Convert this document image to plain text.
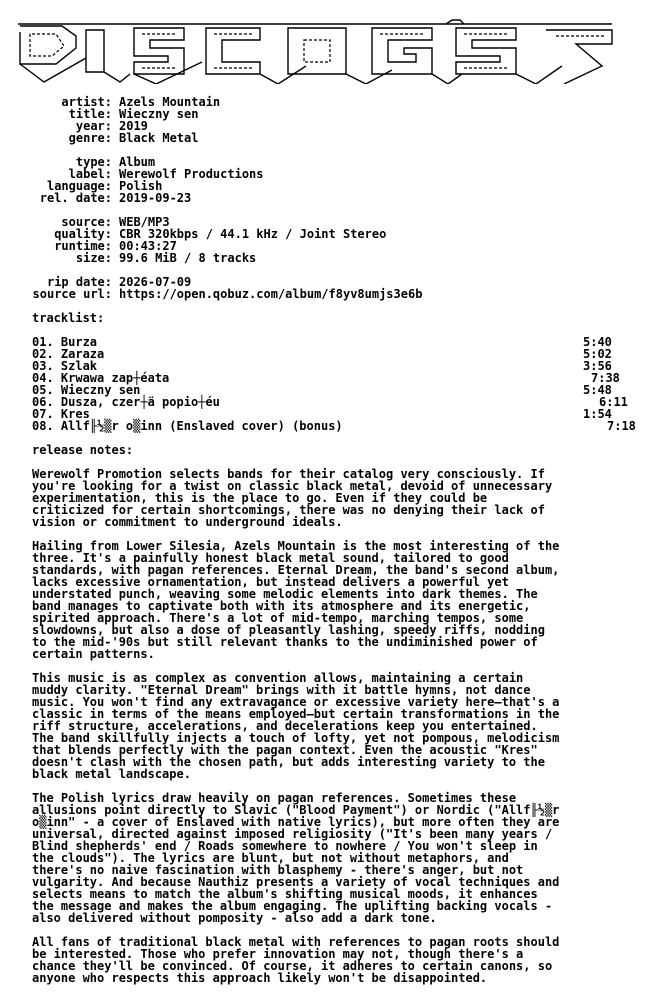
artist: Azels Mountain
title: Wieczny sen
year: 2019
genre: Black Metal
type: Album
label: Werewolf Productions
language: Polish
rel. date: 2019-09-23
source: WEB/MP3
quality: CBR 320kbps / 44.1 kHz / Joint Stereo
runtime: 00:43:27
size: 99.6 MiB / 8 tracks
rip date: 2026-07-09
source url: https://open.qobuz.com/album/f8yv8umjs3e6b
tracklist:
01. Burza	5:40
02. Zaraza	5:02
03. Szlak	3:56
04. Krwawa zap┼éata	7:38
05. Wieczny sen	5:48
06. Dusza, czer┼ä popio┼éu	6:11
07. Kres	1:54
08. Allf╟½▒r o▒inn (Enslaved cover) (bonus)	7:18
release notes:
Werewolf Promotion selects bands for their catalog very consciously. If
you're looking for a twist on classic black metal, devoid of unnecessary
experimentation, this is the place to go. Even if they could be
criticized for certain shortcomings, there was no denying their lack of
vision or commitment to underground ideals.
Hailing from Lower Silesia, Azels Mountain is the most interesting of the
three. It's a painfully honest black metal sound, tailored to good
standards, with pagan references. Eternal Dream, the band's second album,
lacks excessive ornamentation, but instead delivers a powerful yet
understated punch, weaving some melodic elements into dark themes. The
band manages to captivate both with its atmosphere and its energetic,
spirited approach. There's a lot of mid-tempo, marching tempos, some
slowdowns, but also a dose of pleasantly lashing, speedy riffs, nodding
to the mid-'90s but still relevant thanks to the undiminished power of
certain patterns.
This music is as complex as convention allows, maintaining a certain
muddy clarity. "Eternal Dream" brings with it battle hymns, not dance
music. You won't find any extravagance or excessive variety here—that's a
classic in terms of the means employed—but certain transformations in the
riff structure, accelerations, and decelerations keep you entertained.
The band skillfully injects a touch of lofty, yet not pompous, melodicism
that blends perfectly with the pagan context. Even the acoustic "Kres"
doesn't clash with the chosen path, but adds interesting variety to the
black metal landscape.
The Polish lyrics draw heavily on pagan references. Sometimes these
allusions point directly to Slavic ("Blood Payment") or Nordic ("Allf╟½▒r
o▒inn" - a cover of Enslaved with native lyrics), but more often they are
universal, directed against imposed religiosity ("It's been many years /
Blind shepherds' end / Roads somewhere to nowhere / You won't sleep in
the clouds"). The lyrics are blunt, but not without metaphors, and
there's no naive fascination with blasphemy - there's anger, but not
vulgarity. And because Nauthiz presents a variety of vocal techniques and
selects means to match the album's shifting musical moods, it enhances
the message and makes the album engaging. The uplifting backing vocals -
also delivered without pomposity - also add a dark tone.
All fans of traditional black metal with references to pagan roots should
be interested. Those who prefer innovation may not, though there's a
chance they'll be convinced. Of course, it adheres to certain canons, so
anyone who respects this approach likely won't be disappointed.
